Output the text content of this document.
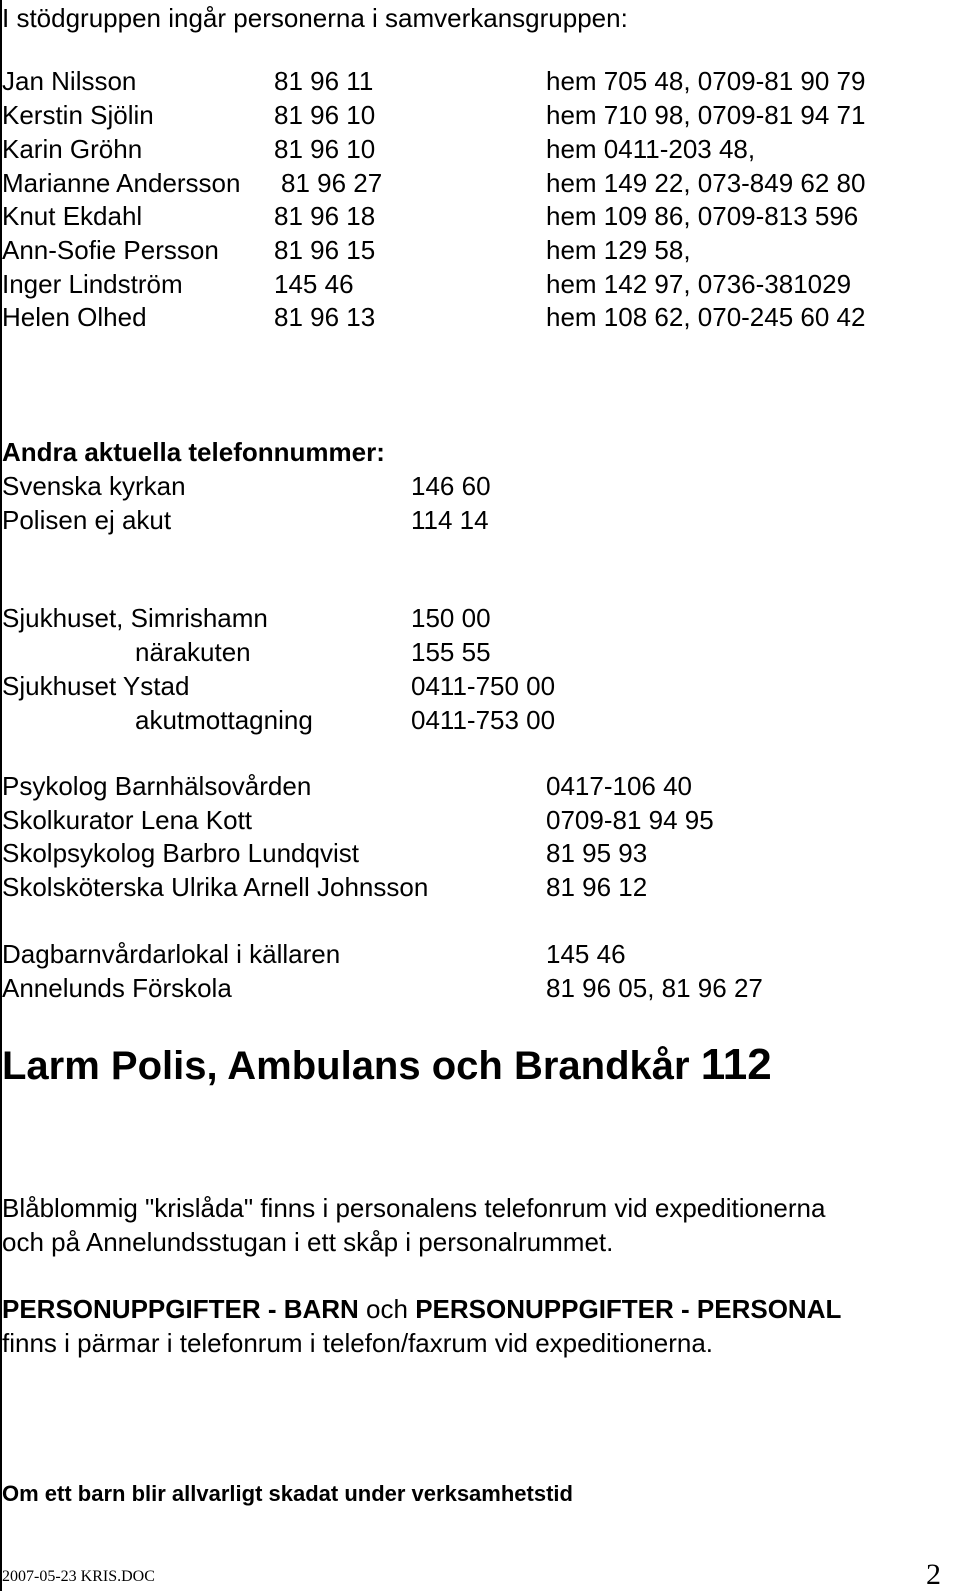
I stödgruppen ingår personerna i samverkansgruppen:
Jan Nilsson	81 96 11	hem 705 48, 0709-81 90 79
Kerstin Sjölin	81 96 10	hem 710 98, 0709-81 94 71
Karin Gröhn	81 96 10	hem 0411-203 48,
Marianne Andersson 81 96 27	hem 149 22, 073-849 62 80
Knut Ekdahl	81 96 18	hem 109 86, 0709-813 596
Ann-Sofie Persson 81 96 15	hem 129 58,
Inger Lindström	145 46	hem 142 97, 0736-381029
Helen Olhed	81 96 13	hem 108 62, 070-245 60 42
Andra aktuella telefonnummer:
Svenska kyrkan	146 60
Polisen ej akut	114 14
Sjukhuset, Simrishamn	150 00
närakuten	155 55
Sjukhuset Ystad	0411-750 00
akutmottagning	0411-753 00
Psykolog Barnhälsovården	0417-106 40
Skolkurator Lena Kott	0709-81 94 95
Skolpsykolog Barbro Lundqvist	81 95 93
Skolsköterska Ulrika Arnell Johnsson	81 96 12
Dagbarnvårdarlokal i källaren	145 46
Annelunds Förskola	81 96 05, 81 96 27
Larm Polis, Ambulans och Brandkår 112
Blåblommig "krislåda" finns i personalens telefonrum vid expeditionerna
och på Annelundsstugan i ett skåp i personalrummet.
PERSONUPPGIFTER - BARN och PERSONUPPGIFTER - PERSONAL
finns i pärmar i telefonrum i telefon/faxrum vid expeditionerna.
Om ett barn blir allvarligt skadat under verksamhetstid
2007-05-23 KRIS.DOC	2
